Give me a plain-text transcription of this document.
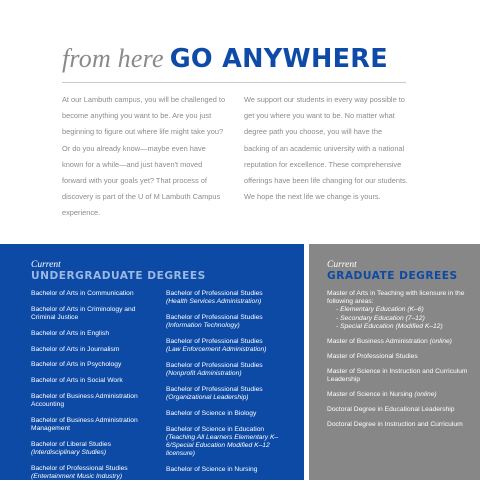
from here GO ANYWHERE

At our Lambuth campus, you will be challenged to become anything you want to be. Are you just beginning to figure out where life might take you? Or do you already know—maybe even have known for a while—and just haven't moved forward with your goals yet? That process of discovery is part of the U of M Lambuth Campus experience.

We support our students in every way possible to get you where you want to be. No matter what degree path you choose, you will have the backing of an academic university with a national reputation for excellence. These comprehensive offerings have been life changing for our students. We hope the next life we change is yours.

Current
UNDERGRADUATE DEGREES
Bachelor of Arts in Communication
Bachelor of Arts in Criminology and Criminal Justice
Bachelor of Arts in English
Bachelor of Arts in Journalism
Bachelor of Arts in Psychology
Bachelor of Arts in Social Work
Bachelor of Business Administration Accounting
Bachelor of Business Administration Management
Bachelor of Liberal Studies
(Interdisciplinary Studies)
Bachelor of Professional Studies
(Entertainment Music Industry)
Bachelor of Professional Studies
(Health Services Administration)
Bachelor of Professional Studies
(Information Technology)
Bachelor of Professional Studies
(Law Enforcement Administration)
Bachelor of Professional Studies
(Nonprofit Administration)
Bachelor of Professional Studies
(Organizational Leadership)
Bachelor of Science in Biology
Bachelor of Science in Education
(Teaching All Learners Elementary K–6/Special Education Modified K–12 licensure)
Bachelor of Science in Nursing
RN to BSN
Current
GRADUATE DEGREES
Master of Arts in Teaching with licensure in the following areas:
- Elementary Education (K–6)
- Secondary Education (7–12)
- Special Education (Modified K–12)
Master of Business Administration (online)
Master of Professional Studies
Master of Science in Instruction and Curriculum Leadership
Master of Science in Nursing (online)
Doctoral Degree in Educational Leadership
Doctoral Degree in Instruction and Curriculum
